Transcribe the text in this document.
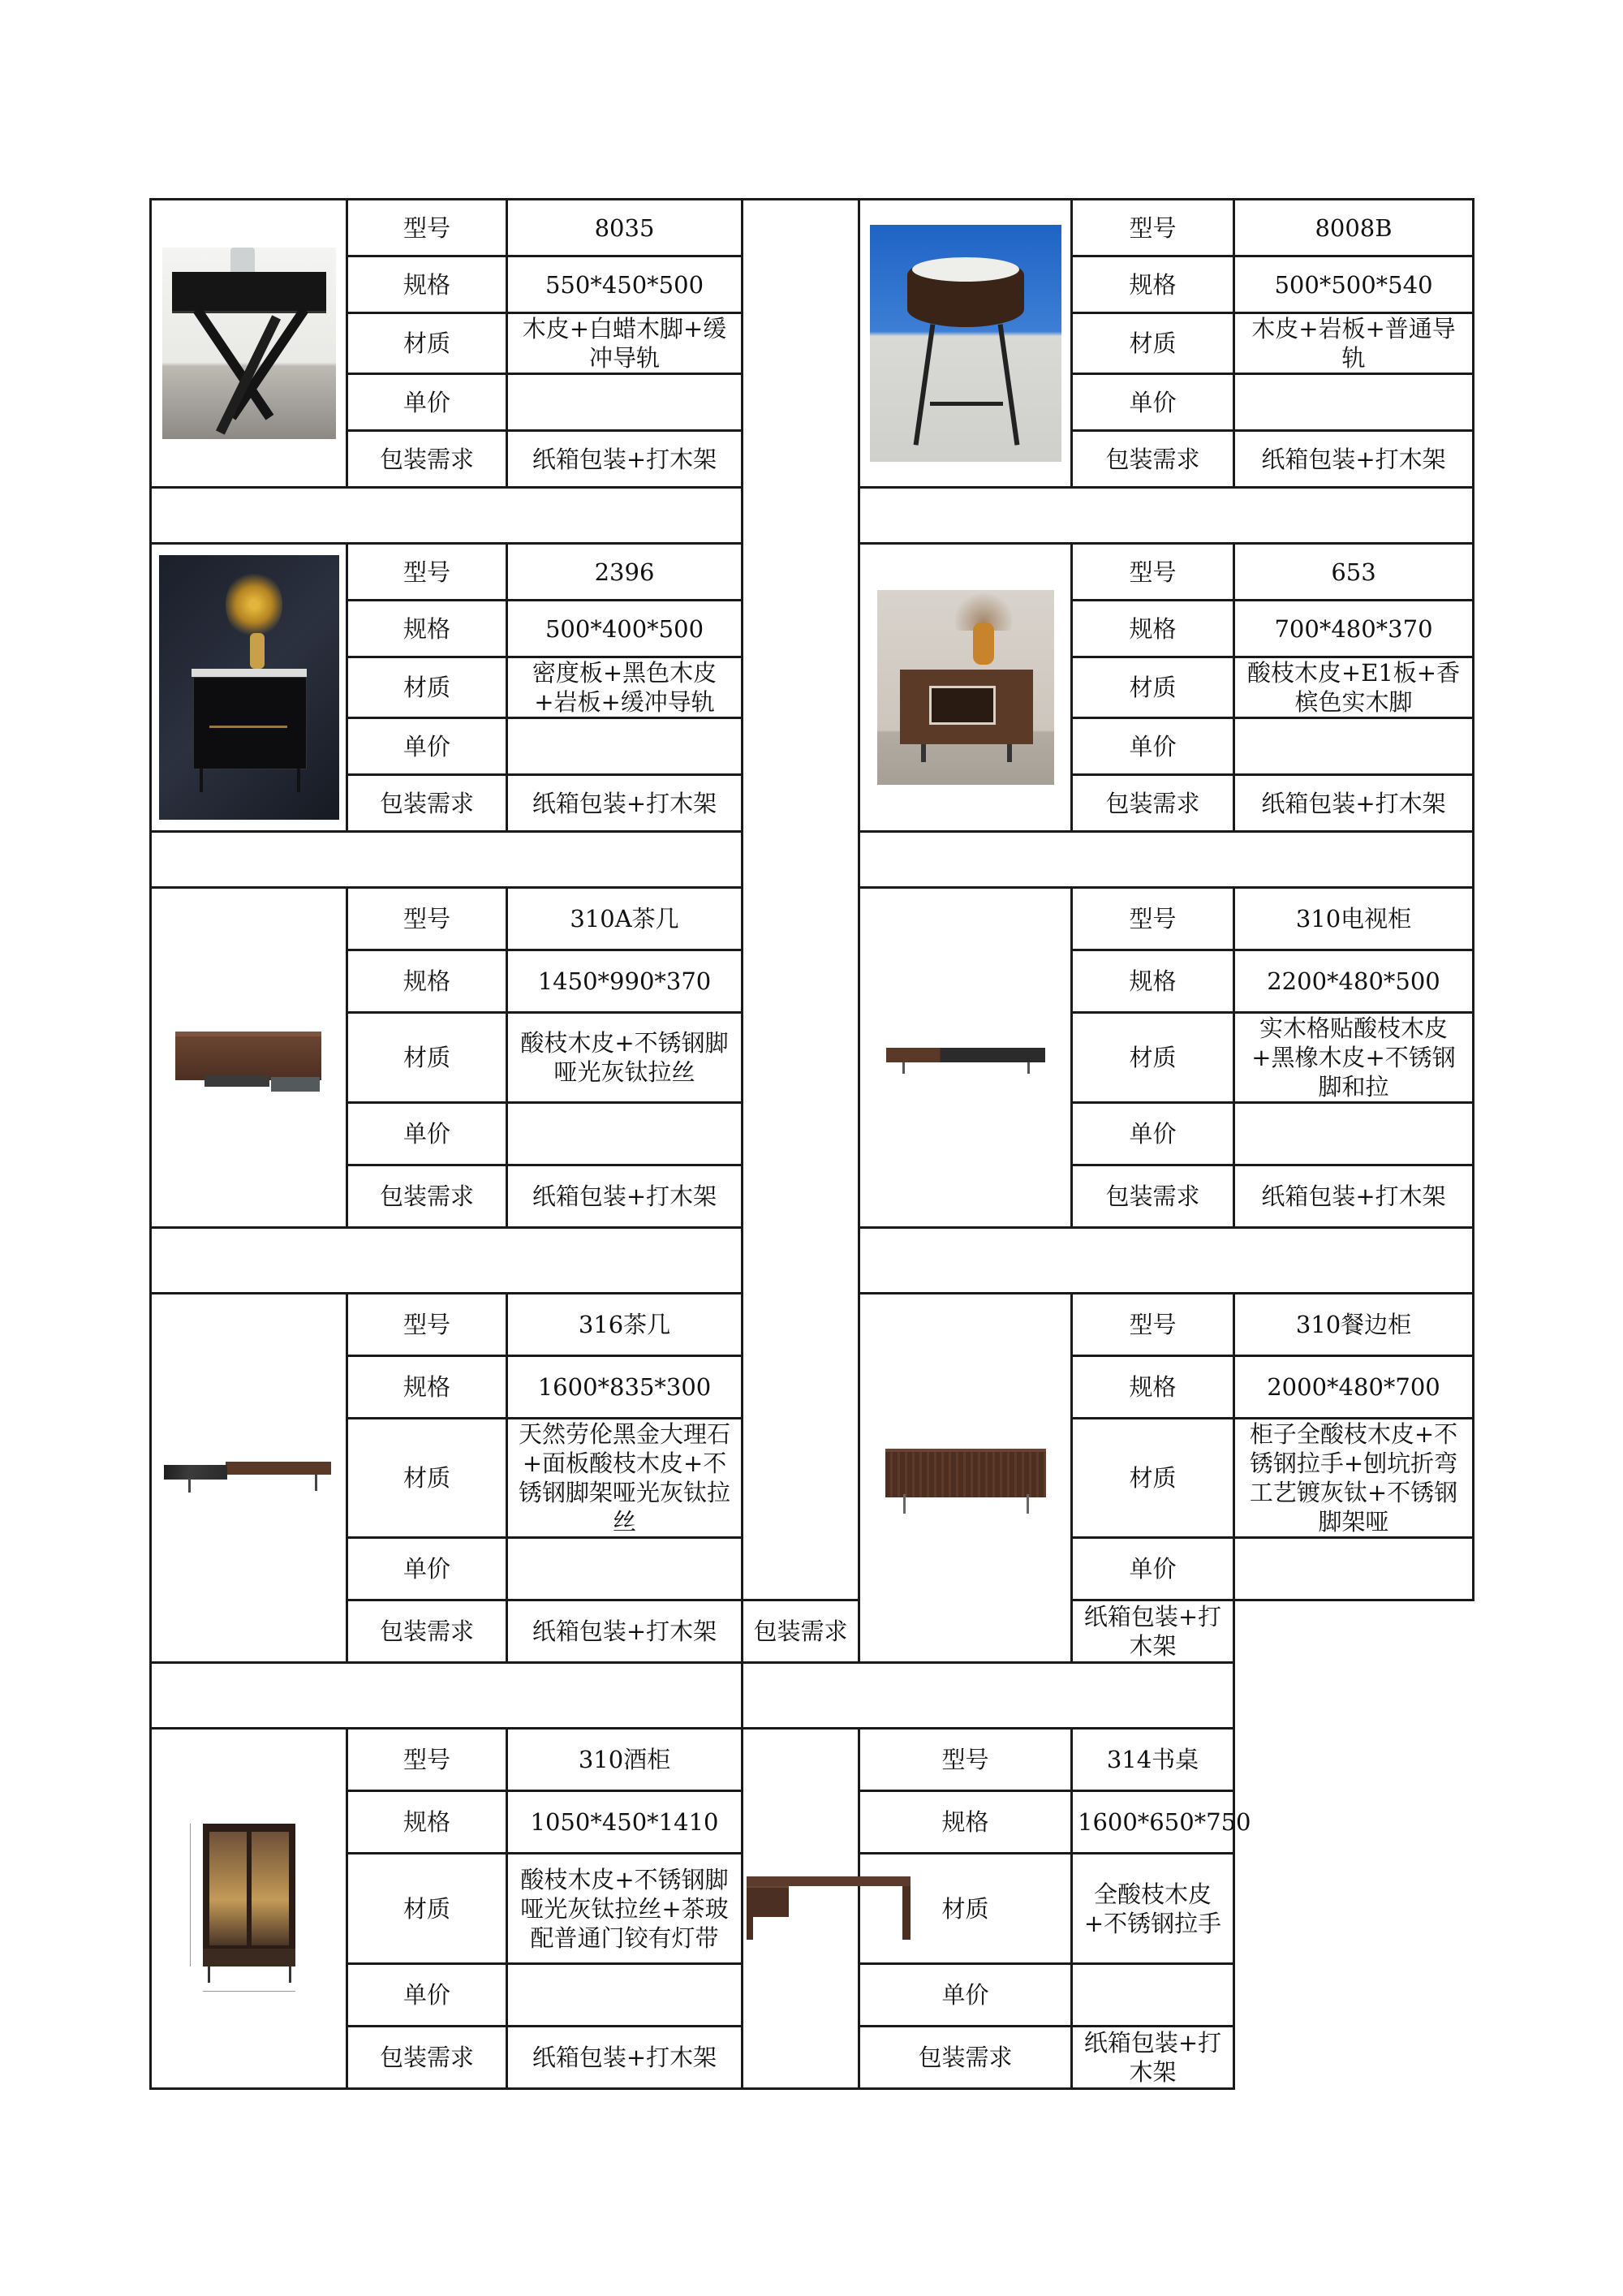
	型号	8035			型号	8008B
	规格	550*450*500			规格	500*500*540
	材质	木皮+白蜡木脚+缓冲导轨			材质	木皮+岩板+普通导轨
	单价				单价	
	包装需求	纸箱包装+打木架			包装需求	纸箱包装+打木架

	型号	2396			型号	653
	规格	500*400*500			规格	700*480*370
	材质	密度板+黑色木皮+岩板+缓冲导轨			材质	酸枝木皮+E1板+香槟色实木脚
	单价				单价	
	包装需求	纸箱包装+打木架			包装需求	纸箱包装+打木架

	型号	310A茶几			型号	310电视柜
	规格	1450*990*370			规格	2200*480*500
	材质	酸枝木皮+不锈钢脚哑光灰钛拉丝			材质	实木格贴酸枝木皮+黑橡木皮+不锈钢脚和拉
	单价				单价	
	包装需求	纸箱包装+打木架			包装需求	纸箱包装+打木架

	型号	316茶几			型号	310餐边柜
	规格	1600*835*300			规格	2000*480*700
	材质	天然劳伦黑金大理石+面板酸枝木皮+不锈钢脚架哑光灰钛拉丝			材质	柜子全酸枝木皮+不锈钢拉手+刨坑折弯工艺镀灰钛+不锈钢脚架哑
	单价				单价	
	包装需求	纸箱包装+打木架	包装需求		纸箱包装+打木架	

	型号	310酒柜		型号	314书桌	
	规格	1050*450*1410		规格	1600*650*750	
	材质	酸枝木皮+不锈钢脚哑光灰钛拉丝+茶玻配普通门铰有灯带		材质	全酸枝木皮+不锈钢拉手	
	单价			单价		
	包装需求	纸箱包装+打木架		包装需求	纸箱包装+打木架	
